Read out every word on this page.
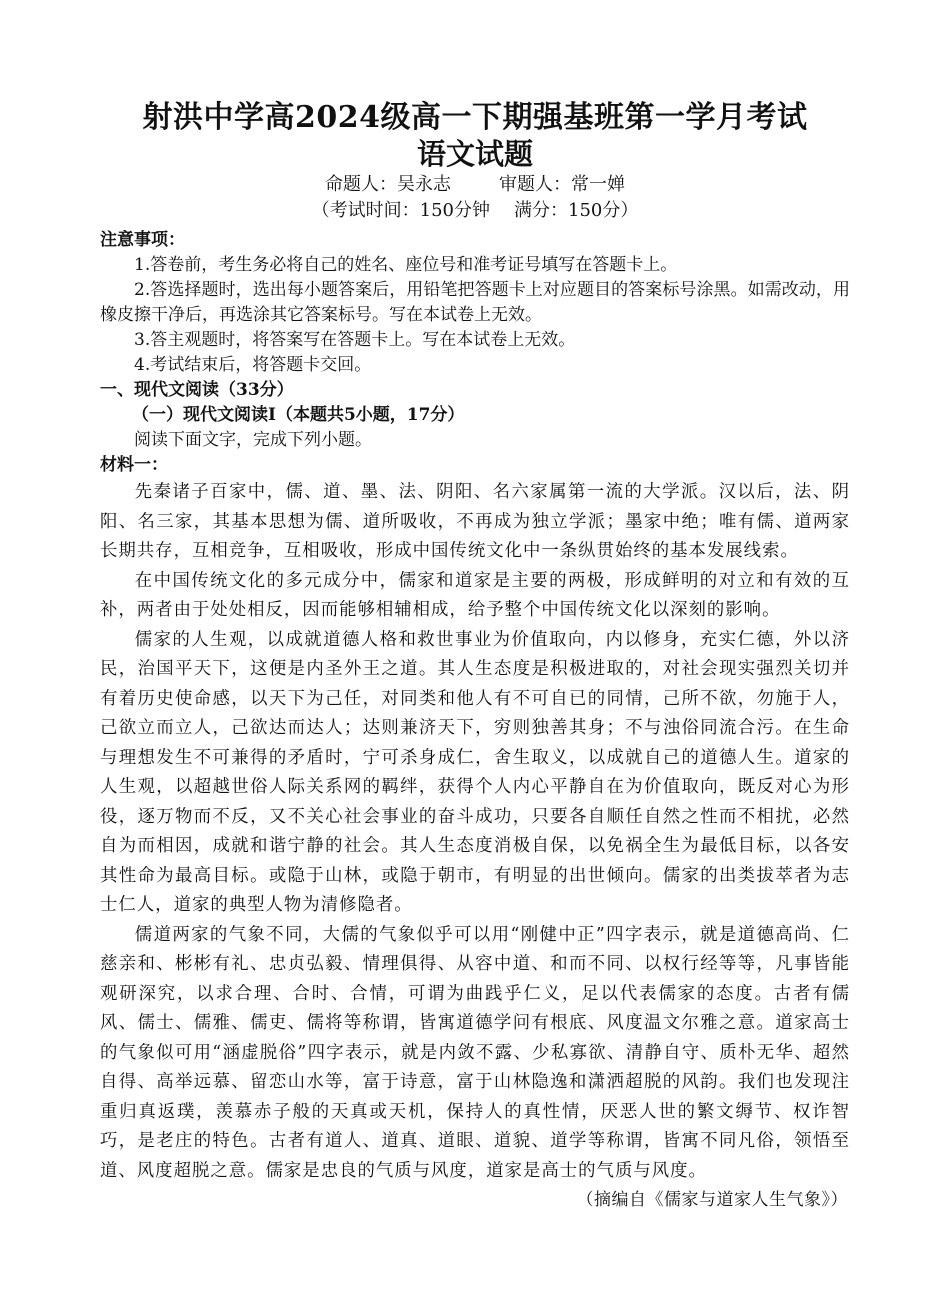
射洪中学高2024级高一下期强基班第一学月考试
语文试题

命题人：吴永志	审题人：常一婵

（考试时间：150分钟 满分：150分）

注意事项：

1.答卷前，考生务必将自己的姓名、座位号和准考证号填写在答题卡上。

2.答选择题时，选出每小题答案后，用铅笔把答题卡上对应题目的答案标号涂黑。如需改动，用橡皮擦干净后，再选涂其它答案标号。写在本试卷上无效。

3.答主观题时，将答案写在答题卡上。写在本试卷上无效。

4.考试结束后，将答题卡交回。

一、现代文阅读（33分）
（一）现代文阅读Ⅰ（本题共5小题，17分）

阅读下面文字，完成下列小题。

材料一：

先秦诸子百家中，儒、道、墨、法、阴阳、名六家属第一流的大学派。汉以后，法、阴阳、名三家，其基本思想为儒、道所吸收，不再成为独立学派；墨家中绝；唯有儒、道两家长期共存，互相竞争，互相吸收，形成中国传统文化中一条纵贯始终的基本发展线索。

在中国传统文化的多元成分中，儒家和道家是主要的两极，形成鲜明的对立和有效的互补，两者由于处处相反，因而能够相辅相成，给予整个中国传统文化以深刻的影响。

儒家的人生观，以成就道德人格和救世事业为价值取向，内以修身，充实仁德，外以济民，治国平天下，这便是内圣外王之道。其人生态度是积极进取的，对社会现实强烈关切并有着历史使命感，以天下为己任，对同类和他人有不可自已的同情，己所不欲，勿施于人，己欲立而立人，己欲达而达人；达则兼济天下，穷则独善其身；不与浊俗同流合污。在生命与理想发生不可兼得的矛盾时，宁可杀身成仁，舍生取义，以成就自己的道德人生。道家的人生观，以超越世俗人际关系网的羁绊，获得个人内心平静自在为价值取向，既反对心为形役，逐万物而不反，又不关心社会事业的奋斗成功，只要各自顺任自然之性而不相扰，必然自为而相因，成就和谐宁静的社会。其人生态度消极自保，以免祸全生为最低目标，以各安其性命为最高目标。或隐于山林，或隐于朝市，有明显的出世倾向。儒家的出类拔萃者为志士仁人，道家的典型人物为清修隐者。

儒道两家的气象不同，大儒的气象似乎可以用“刚健中正”四字表示，就是道德高尚、仁慈亲和、彬彬有礼、忠贞弘毅、情理俱得、从容中道、和而不同、以权行经等等，凡事皆能观研深究，以求合理、合时、合情，可谓为曲践乎仁义，足以代表儒家的态度。古者有儒风、儒士、儒雅、儒吏、儒将等称谓，皆寓道德学问有根底、风度温文尔雅之意。道家高士的气象似可用“涵虚脱俗”四字表示，就是内敛不露、少私寡欲、清静自守、质朴无华、超然自得、高举远慕、留恋山水等，富于诗意，富于山林隐逸和潇洒超脱的风韵。我们也发现注重归真返璞，羡慕赤子般的天真或天机，保持人的真性情，厌恶人世的繁文缛节、权诈智巧，是老庄的特色。古者有道人、道真、道眼、道貌、道学等称谓，皆寓不同凡俗，领悟至道、风度超脱之意。儒家是忠良的气质与风度，道家是高士的气质与风度。

（摘编自《儒家与道家人生气象》）
